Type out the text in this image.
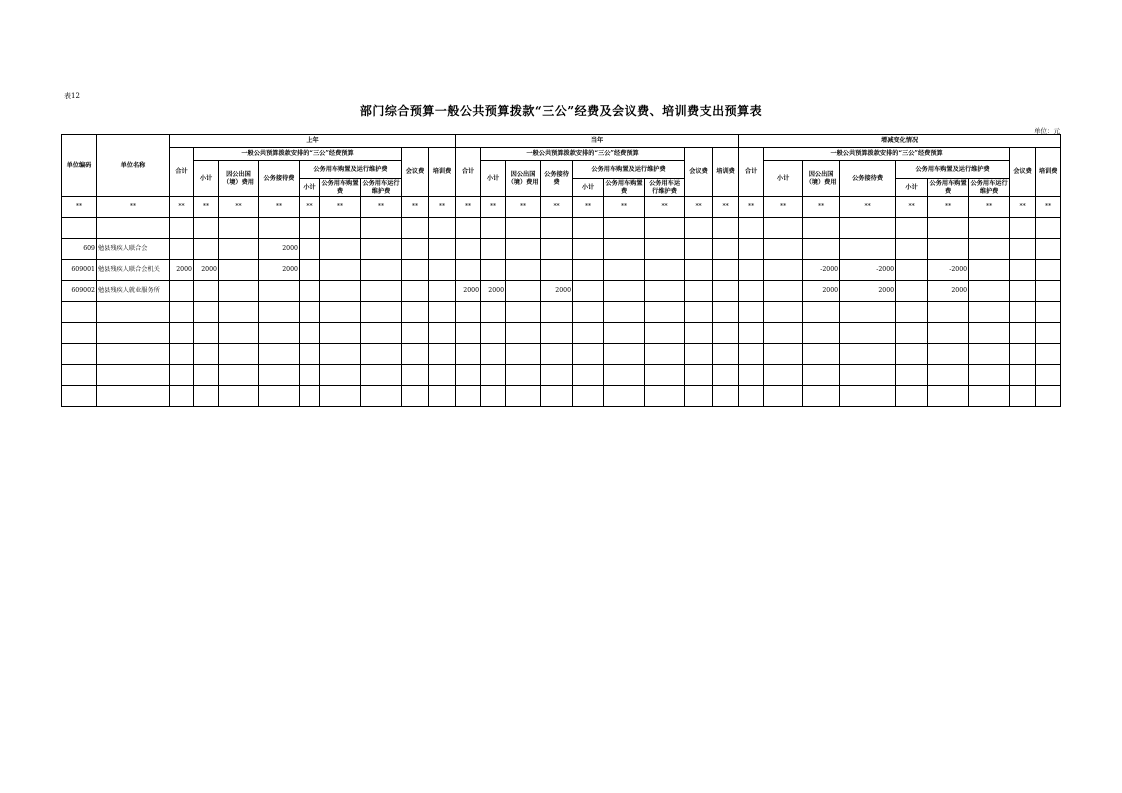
表12
部门综合预算一般公共预算拨款“三公”经费及会议费、培训费支出预算表
单位：元
单位编码	单位名称	上年									当年									增减变化情况								
		合计	一般公共预算拨款安排的“三公”经费预算						会议费	培训费	合计	一般公共预算拨款安排的“三公”经费预算						会议费	培训费	合计	一般公共预算拨款安排的“三公”经费预算						会议费	培训费
			小计	因公出国（境）费用	公务接待费	公务用车购置及运行维护费						小计	因公出国（境）费用	公务接待费	公务用车购置及运行维护费						小计	因公出国（境）费用	公务接待费	公务用车购置及运行维护费				
						小计	公务用车购置费	公务用车运行维护费							小计	公务用车购置费	公务用车运行维护费							小计	公务用车购置费	公务用车运行维护费		
**	**	**	**	**	**	**	**	**	**	**	**	**	**	**	**	**	**	**	**	**	**	**	**	**	**	**	**	**

609	勉县残疾人联合会				2000																							
609001	勉县残疾人联合会机关	2000	2000		2000																	-2000	-2000		-2000			
609002	勉县残疾人就业服务所										2000	2000		2000								2000	2000		2000			
